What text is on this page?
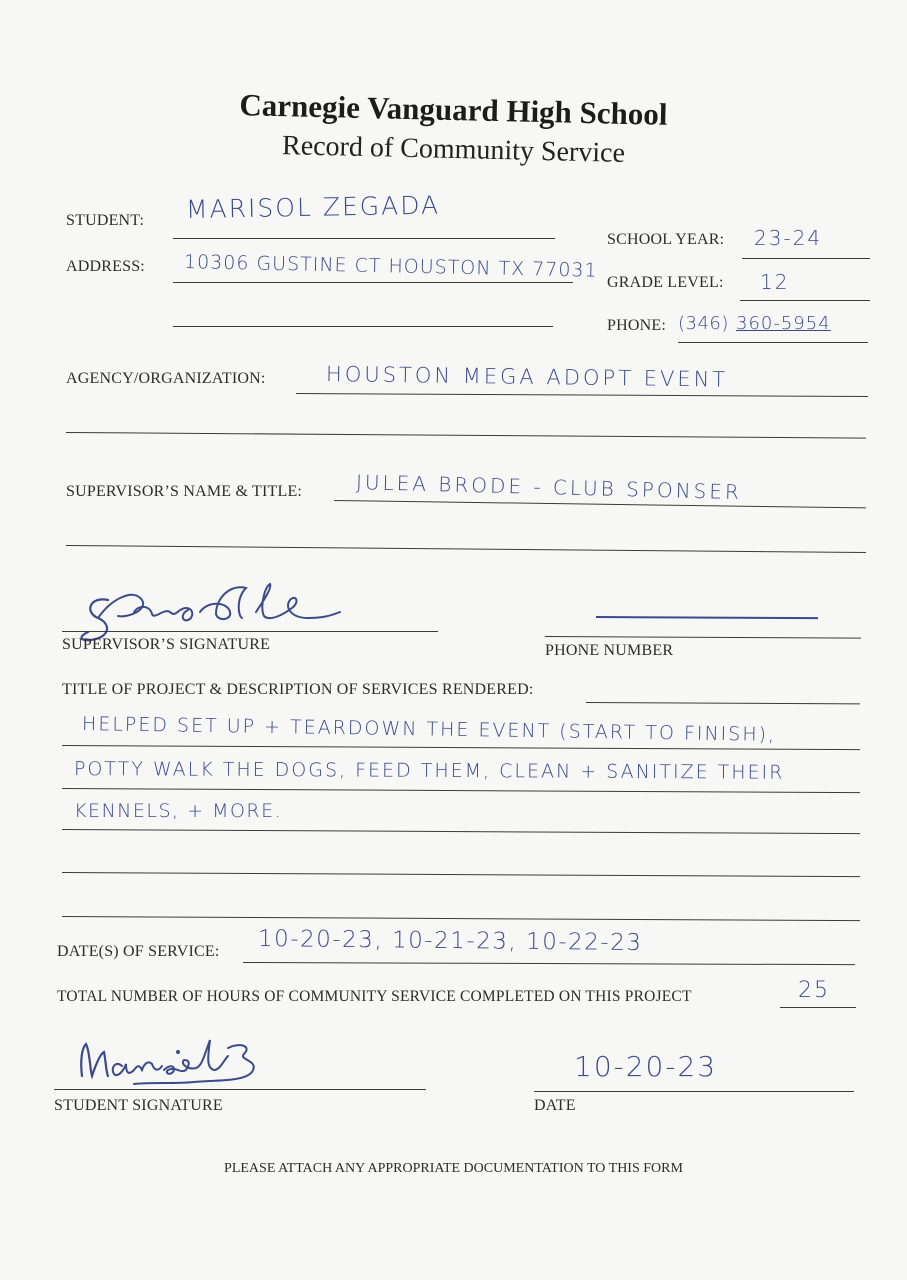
Carnegie Vanguard High School
Record of Community Service
STUDENT: MARISOL ZEGADA
ADDRESS: 10306 GUSTINE CT HOUSTON TX 77031
SCHOOL YEAR: 23-24
GRADE LEVEL: 12
PHONE: (346) 360-5954
AGENCY/ORGANIZATION:	HOUSTON MEGA ADOPT EVENT
SUPERVISOR’S NAME & TITLE:	JULEA BRODE - CLUB SPONSER
SUPERVISOR’S SIGNATURE	PHONE NUMBER
TITLE OF PROJECT & DESCRIPTION OF SERVICES RENDERED:
HELPED SET UP + TEARDOWN THE EVENT (START TO FINISH),
POTTY WALK THE DOGS, FEED THEM, CLEAN + SANITIZE THEIR
KENNELS, + MORE.
DATE(S) OF SERVICE: 10-20-23, 10-21-23, 10-22-23
TOTAL NUMBER OF HOURS OF COMMUNITY SERVICE COMPLETED ON THIS PROJECT	25
STUDENT SIGNATURE
10-20-23
DATE
PLEASE ATTACH ANY APPROPRIATE DOCUMENTATION TO THIS FORM
